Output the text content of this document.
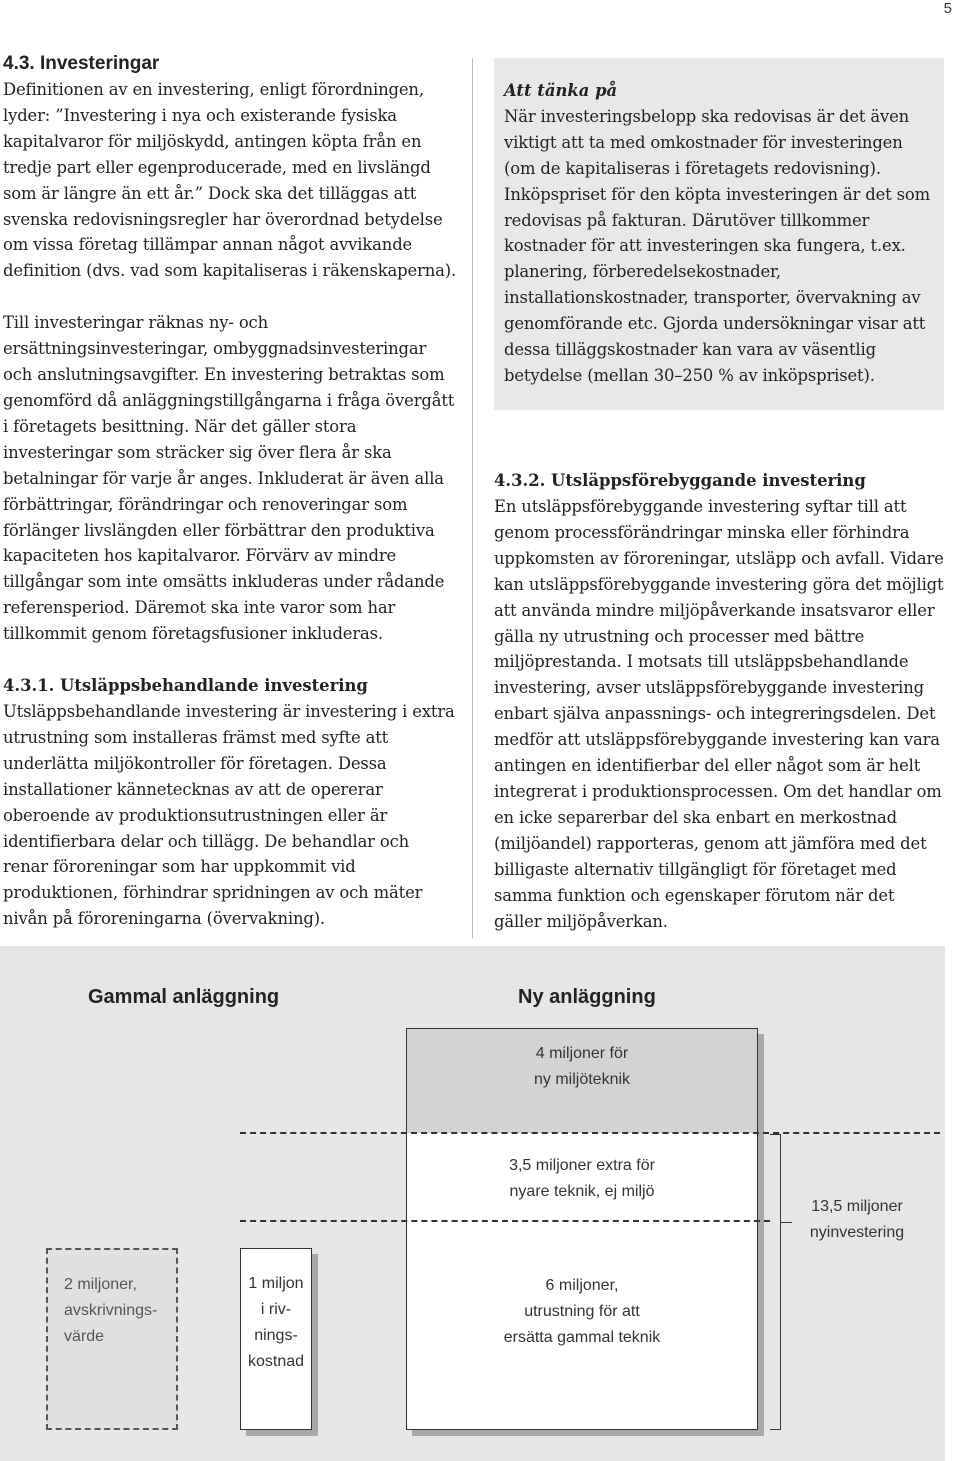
5
4.3. Investeringar

Definitionen av en investering, enligt förordningen, lyder: ”Investering i nya och existerande fysiska kapitalvaror för miljöskydd, antingen köpta från en tredje part eller egenproducerade, med en livslängd som är längre än ett år.” Dock ska det tilläggas att svenska redovisningsregler har överordnad betydelse om vissa företag tillämpar annan något avvikande definition (dvs. vad som kapitaliseras i räkenskaperna).

Till investeringar räknas ny- och ersättningsinvesteringar, ombyggnadsinvesteringar och anslutningsavgifter. En investering betraktas som genomförd då anläggningstillgångarna i fråga övergått i företagets besittning. När det gäller stora investeringar som sträcker sig över flera år ska betalningar för varje år anges. Inkluderat är även alla förbättringar, förändringar och renoveringar som förlänger livslängden eller förbättrar den produktiva kapaciteten hos kapitalvaror. Förvärv av mindre tillgångar som inte omsätts inkluderas under rådande referensperiod. Däremot ska inte varor som har tillkommit genom företagsfusioner inkluderas.

4.3.1. Utsläppsbehandlande investering

Utsläppsbehandlande investering är investering i extra utrustning som installeras främst med syfte att underlätta miljökontroller för företagen. Dessa installationer kännetecknas av att de opererar oberoende av produktionsutrustningen eller är identifierbara delar och tillägg. De behandlar och renar föroreningar som har uppkommit vid produktionen, förhindrar spridningen av och mäter nivån på föroreningarna (övervakning).

Att tänka på

När investeringsbelopp ska redovisas är det även viktigt att ta med omkostnader för investeringen (om de kapitaliseras i företagets redovisning). Inköpspriset för den köpta investeringen är det som redovisas på fakturan. Därutöver tillkommer kostnader för att investeringen ska fungera, t.ex. planering, förberedelsekostnader, installationskostnader, transporter, övervakning av genomförande etc. Gjorda undersökningar visar att dessa tilläggskostnader kan vara av väsentlig betydelse (mellan 30–250 % av inköpspriset).

4.3.2. Utsläppsförebyggande investering

En utsläppsförebyggande investering syftar till att genom processförändringar minska eller förhindra uppkomsten av föroreningar, utsläpp och avfall. Vidare kan utsläppsförebyggande investering göra det möjligt att använda mindre miljöpåverkande insatsvaror eller gälla ny utrustning och processer med bättre miljöprestanda. I motsats till utsläppsbehandlande investering, avser utsläppsförebyggande investering enbart själva anpassnings- och integreringsdelen. Det medför att utsläppsförebyggande investering kan vara antingen en identifierbar del eller något som är helt integrerat i produktionsprocessen. Om det handlar om en icke separerbar del ska enbart en merkostnad (miljöandel) rapporteras, genom att jämföra med det billigaste alternativ tillgängligt för företaget med samma funktion och egenskaper förutom när det gäller miljöpåverkan.

Gammal anläggning	Ny anläggning
4 miljoner för
ny miljöteknik
3,5 miljoner extra för
nyare teknik, ej miljö
6 miljoner,
utrustning för att
ersätta gammal teknik
2 miljoner,
avskrivnings-
värde
1 miljon
i riv-
nings-
kostnad
13,5 miljoner
nyinvestering
